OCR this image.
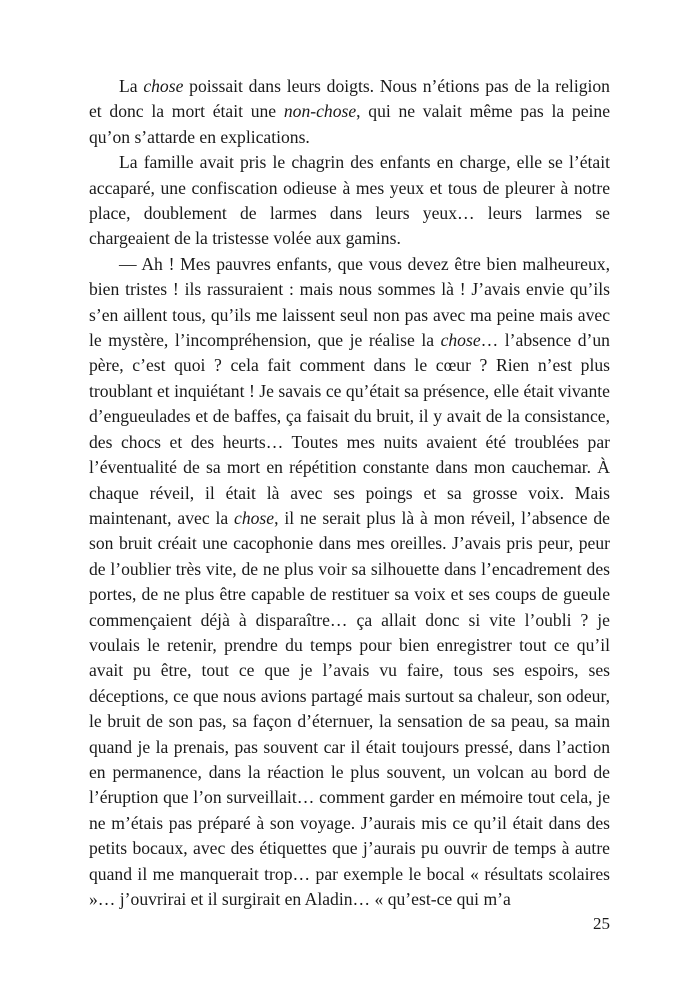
La chose poissait dans leurs doigts. Nous n’étions pas de la religion et donc la mort était une non-chose, qui ne valait même pas la peine qu’on s’attarde en explications.

La famille avait pris le chagrin des enfants en charge, elle se l’était accaparé, une confiscation odieuse à mes yeux et tous de pleurer à notre place, doublement de larmes dans leurs yeux… leurs larmes se chargeaient de la tristesse volée aux gamins.

— Ah ! Mes pauvres enfants, que vous devez être bien malheureux, bien tristes ! ils rassuraient : mais nous sommes là ! J’avais envie qu’ils s’en aillent tous, qu’ils me laissent seul non pas avec ma peine mais avec le mystère, l’incompréhension, que je réalise la chose… l’absence d’un père, c’est quoi ? cela fait comment dans le cœur ? Rien n’est plus troublant et inquiétant ! Je savais ce qu’était sa présence, elle était vivante d’engueulades et de baffes, ça faisait du bruit, il y avait de la consistance, des chocs et des heurts… Toutes mes nuits avaient été troublées par l’éventualité de sa mort en répétition constante dans mon cauchemar. À chaque réveil, il était là avec ses poings et sa grosse voix. Mais maintenant, avec la chose, il ne serait plus là à mon réveil, l’absence de son bruit créait une cacophonie dans mes oreilles. J’avais pris peur, peur de l’oublier très vite, de ne plus voir sa silhouette dans l’encadrement des portes, de ne plus être capable de restituer sa voix et ses coups de gueule commençaient déjà à disparaître… ça allait donc si vite l’oubli ? je voulais le retenir, prendre du temps pour bien enregistrer tout ce qu’il avait pu être, tout ce que je l’avais vu faire, tous ses espoirs, ses déceptions, ce que nous avions partagé mais surtout sa chaleur, son odeur, le bruit de son pas, sa façon d’éternuer, la sensation de sa peau, sa main quand je la prenais, pas souvent car il était toujours pressé, dans l’action en permanence, dans la réaction le plus souvent, un volcan au bord de l’éruption que l’on surveillait… comment garder en mémoire tout cela, je ne m’étais pas préparé à son voyage. J’aurais mis ce qu’il était dans des petits bocaux, avec des étiquettes que j’aurais pu ouvrir de temps à autre quand il me manquerait trop… par exemple le bocal « résultats scolaires »… j’ouvrirai et il surgirait en Aladin… « qu’est-ce qui m’a

25
